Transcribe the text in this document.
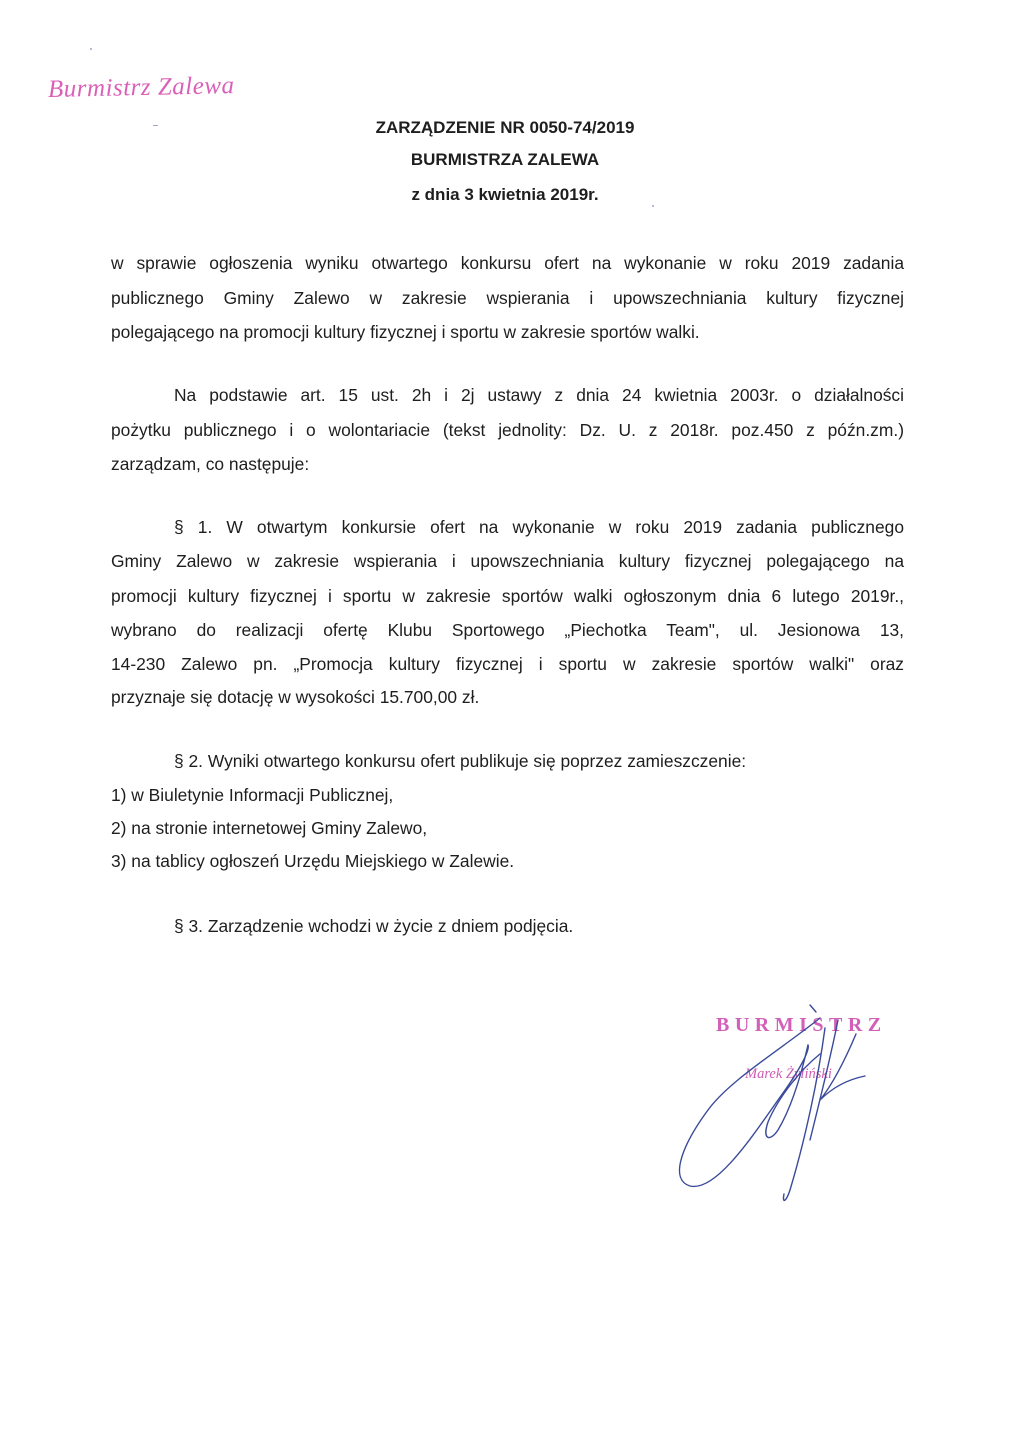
Burmistrz Zalewa
ZARZĄDZENIE NR 0050-74/2019
BURMISTRZA ZALEWA
z dnia 3 kwietnia 2019r.
w sprawie ogłoszenia wyniku otwartego konkursu ofert na wykonanie w roku 2019 zadania
publicznego Gminy Zalewo w zakresie wspierania i upowszechniania kultury fizycznej
polegającego na promocji kultury fizycznej i sportu w zakresie sportów walki.
Na podstawie art. 15 ust. 2h i 2j ustawy z dnia 24 kwietnia 2003r. o działalności
pożytku publicznego i o wolontariacie (tekst jednolity: Dz. U. z 2018r. poz.450 z późn.zm.)
zarządzam, co następuje:
§ 1. W otwartym konkursie ofert na wykonanie w roku 2019 zadania publicznego
Gminy Zalewo w zakresie wspierania i upowszechniania kultury fizycznej polegającego na
promocji kultury fizycznej i sportu w zakresie sportów walki ogłoszonym dnia 6 lutego 2019r.,
wybrano do realizacji ofertę Klubu Sportowego „Piechotka Team", ul. Jesionowa 13,
14-230 Zalewo pn. „Promocja kultury fizycznej i sportu w zakresie sportów walki" oraz
przyznaje się dotację w wysokości 15.700,00 zł.
§ 2. Wyniki otwartego konkursu ofert publikuje się poprzez zamieszczenie:
1) w Biuletynie Informacji Publicznej,
2) na stronie internetowej Gminy Zalewo,
3) na tablicy ogłoszeń Urzędu Miejskiego w Zalewie.
§ 3. Zarządzenie wchodzi w życie z dniem podjęcia.
BURMISTRZ
Marek Żyliński
